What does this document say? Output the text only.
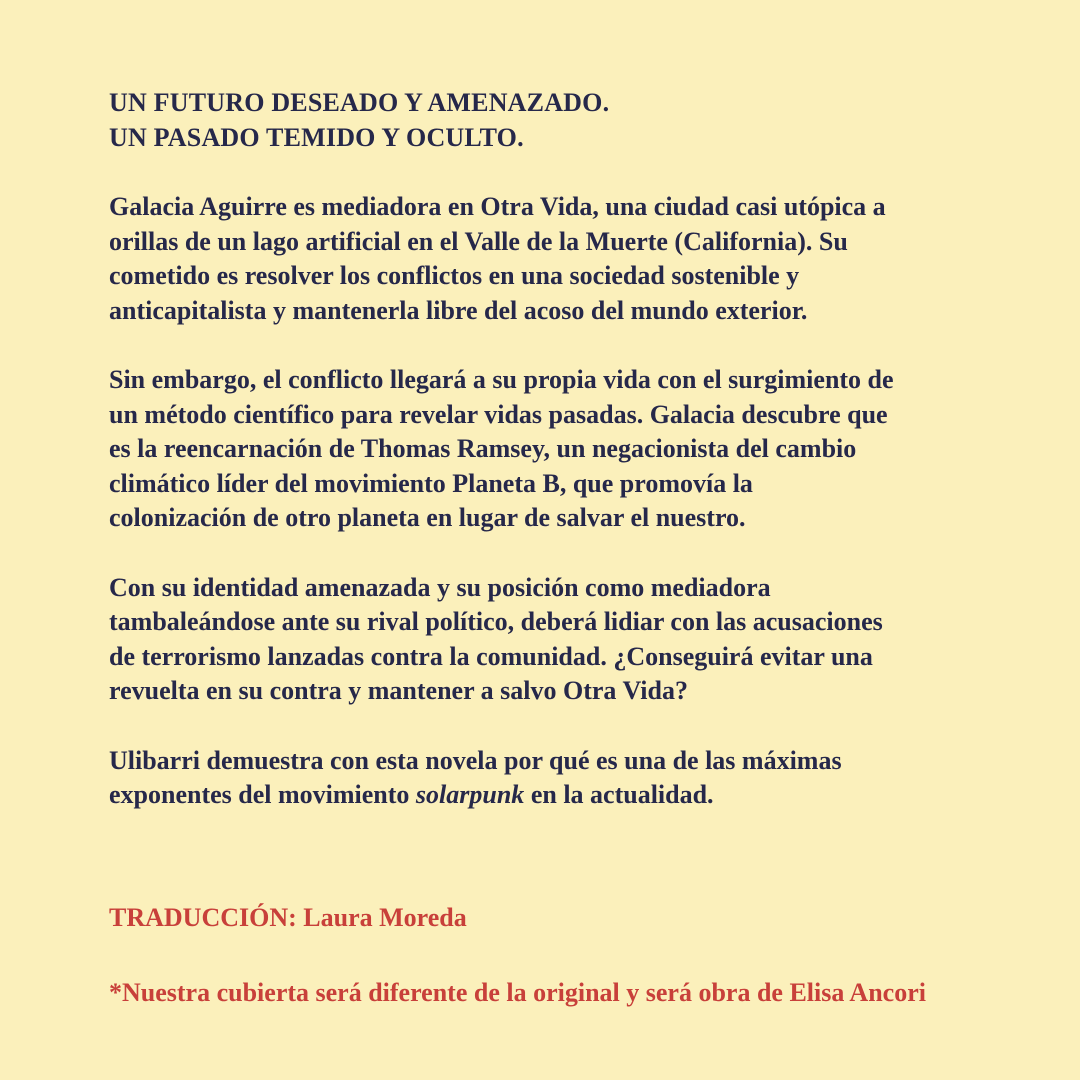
UN FUTURO DESEADO Y AMENAZADO.
UN PASADO TEMIDO Y OCULTO.

Galacia Aguirre es mediadora en Otra Vida, una ciudad casi utópica a
orillas de un lago artificial en el Valle de la Muerte (California). Su
cometido es resolver los conflictos en una sociedad sostenible y
anticapitalista y mantenerla libre del acoso del mundo exterior.

Sin embargo, el conflicto llegará a su propia vida con el surgimiento de
un método científico para revelar vidas pasadas. Galacia descubre que
es la reencarnación de Thomas Ramsey, un negacionista del cambio
climático líder del movimiento Planeta B, que promovía la
colonización de otro planeta en lugar de salvar el nuestro.

Con su identidad amenazada y su posición como mediadora
tambaleándose ante su rival político, deberá lidiar con las acusaciones
de terrorismo lanzadas contra la comunidad. ¿Conseguirá evitar una
revuelta en su contra y mantener a salvo Otra Vida?

Ulibarri demuestra con esta novela por qué es una de las máximas
exponentes del movimiento solarpunk en la actualidad.

TRADUCCIÓN: Laura Moreda

*Nuestra cubierta será diferente de la original y será obra de Elisa Ancori
